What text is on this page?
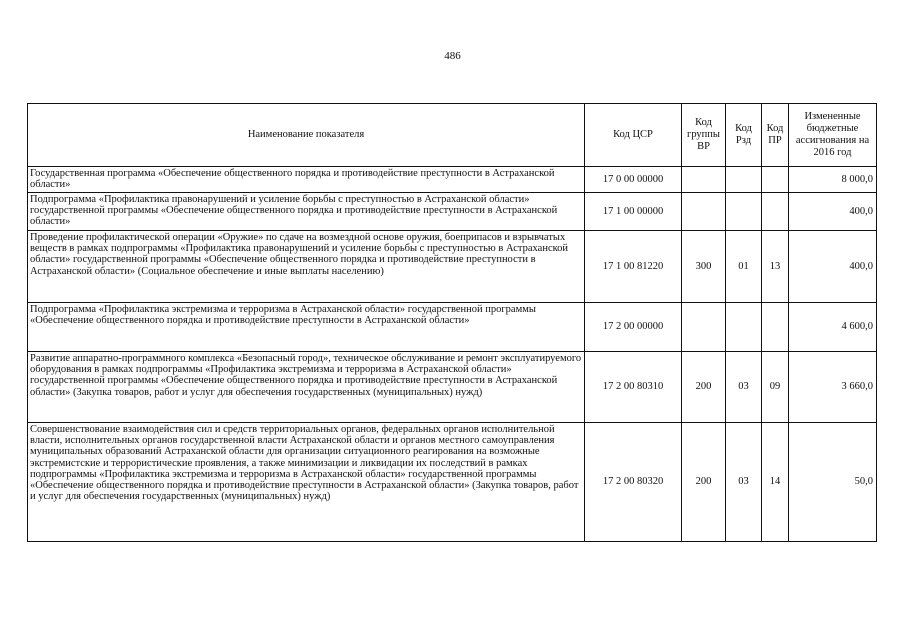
486
Наименование показателя	Код ЦСР	Код группы ВР	Код Рзд	Код ПР	Измененные бюджетные ассигнования на 2016 год
Государственная программа «Обеспечение общественного порядка и противодействие преступности в Астраханской области»	17 0 00 00000				8 000,0
Подпрограмма «Профилактика правонарушений и усиление борьбы с преступностью в Астраханской области» государственной программы «Обеспечение общественного порядка и противодействие преступности в Астраханской области»	17 1 00 00000				400,0
Проведение профилактической операции «Оружие» по сдаче на возмездной основе оружия, боеприпасов и взрывчатых веществ в рамках подпрограммы «Профилактика правонарушений и усиление борьбы с преступностью в Астраханской области» государственной программы «Обеспечение общественного порядка и противодействие преступности в Астраханской области» (Социальное обеспечение и иные выплаты населению)	17 1 00 81220	300	01	13	400,0
Подпрограмма «Профилактика экстремизма и терроризма в Астраханской области» государственной программы «Обеспечение общественного порядка и противодействие преступности в Астраханской области»	17 2 00 00000				4 600,0
Развитие аппаратно-программного комплекса «Безопасный город», техническое обслуживание и ремонт эксплуатируемого оборудования в рамках подпрограммы «Профилактика экстремизма и терроризма в Астраханской области» государственной программы «Обеспечение общественного порядка и противодействие преступности в Астраханской области» (Закупка товаров, работ и услуг для обеспечения государственных (муниципальных) нужд)	17 2 00 80310	200	03	09	3 660,0
Совершенствование взаимодействия сил и средств территориальных органов, федеральных органов исполнительной власти, исполнительных органов государственной власти Астраханской области и органов местного самоуправления муниципальных образований Астраханской области для организации ситуационного реагирования на возможные экстремистские и террористические проявления, а также минимизации и ликвидации их последствий в рамках подпрограммы «Профилактика экстремизма и терроризма в Астраханской области» государственной программы «Обеспечение общественного порядка и противодействие преступности в Астраханской области» (Закупка товаров, работ и услуг для обеспечения государственных (муниципальных) нужд)	17 2 00 80320	200	03	14	50,0
